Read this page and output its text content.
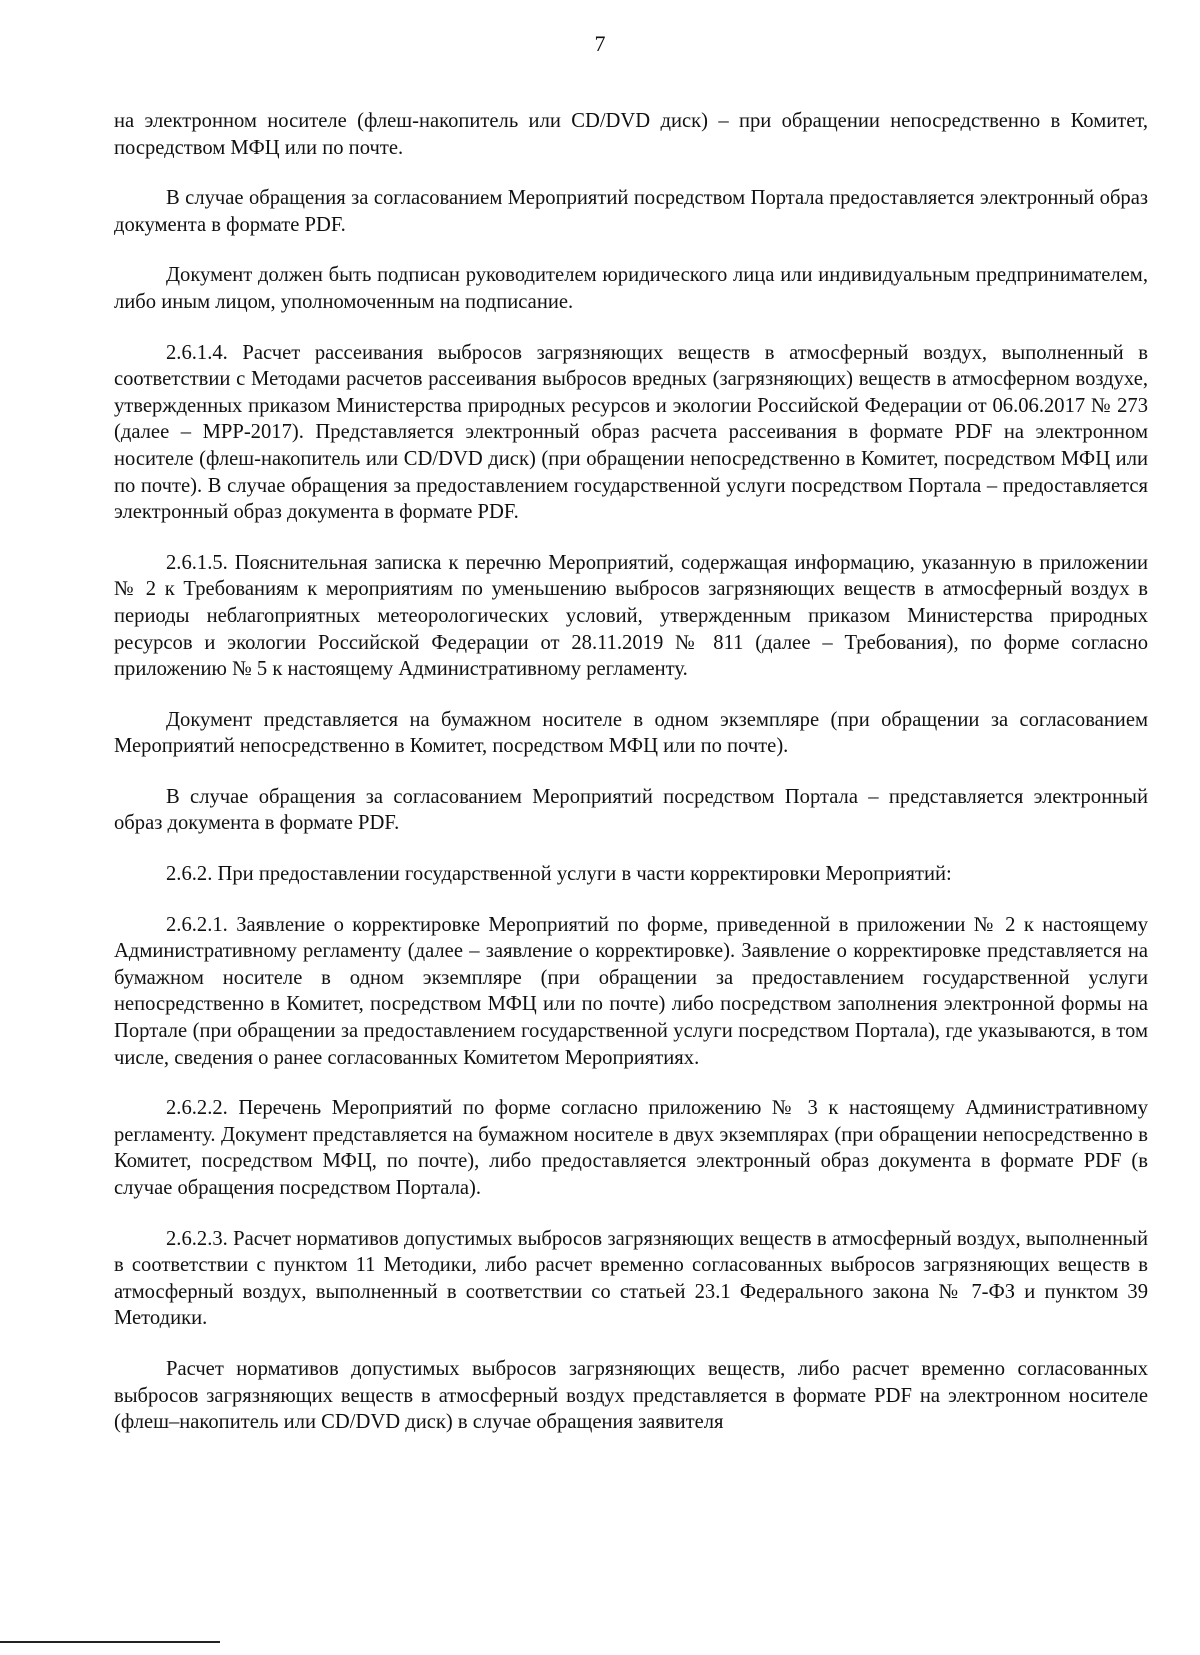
7

на электронном носителе (флеш-накопитель или CD/DVD диск) – при обращении непосредственно в Комитет, посредством МФЦ или по почте.

В случае обращения за согласованием Мероприятий посредством Портала предоставляется электронный образ документа в формате PDF.

Документ должен быть подписан руководителем юридического лица или индивидуальным предпринимателем, либо иным лицом, уполномоченным на подписание.

2.6.1.4. Расчет рассеивания выбросов загрязняющих веществ в атмосферный воздух, выполненный в соответствии с Методами расчетов рассеивания выбросов вредных (загрязняющих) веществ в атмосферном воздухе, утвержденных приказом Министерства природных ресурсов и экологии Российской Федерации от 06.06.2017 № 273 (далее – МРР-2017). Представляется электронный образ расчета рассеивания в формате PDF на электронном носителе (флеш-накопитель или CD/DVD диск) (при обращении непосредственно в Комитет, посредством МФЦ или по почте). В случае обращения за предоставлением государственной услуги посредством Портала – предоставляется электронный образ документа в формате PDF.

2.6.1.5. Пояснительная записка к перечню Мероприятий, содержащая информацию, указанную в приложении № 2 к Требованиям к мероприятиям по уменьшению выбросов загрязняющих веществ в атмосферный воздух в периоды неблагоприятных метеорологических условий, утвержденным приказом Министерства природных ресурсов и экологии Российской Федерации от 28.11.2019 № 811 (далее – Требования), по форме согласно приложению № 5 к настоящему Административному регламенту.

Документ представляется на бумажном носителе в одном экземпляре (при обращении за согласованием Мероприятий непосредственно в Комитет, посредством МФЦ или по почте).

В случае обращения за согласованием Мероприятий посредством Портала – представляется электронный образ документа в формате PDF.

2.6.2. При предоставлении государственной услуги в части корректировки Мероприятий:

2.6.2.1. Заявление о корректировке Мероприятий по форме, приведенной в приложении № 2 к настоящему Административному регламенту (далее – заявление о корректировке). Заявление о корректировке представляется на бумажном носителе в одном экземпляре (при обращении за предоставлением государственной услуги непосредственно в Комитет, посредством МФЦ или по почте) либо посредством заполнения электронной формы на Портале (при обращении за предоставлением государственной услуги посредством Портала), где указываются, в том числе, сведения о ранее согласованных Комитетом Мероприятиях.

2.6.2.2. Перечень Мероприятий по форме согласно приложению № 3 к настоящему Административному регламенту. Документ представляется на бумажном носителе в двух экземплярах (при обращении непосредственно в Комитет, посредством МФЦ, по почте), либо предоставляется электронный образ документа в формате PDF (в случае обращения посредством Портала).

2.6.2.3. Расчет нормативов допустимых выбросов загрязняющих веществ в атмосферный воздух, выполненный в соответствии с пунктом 11 Методики, либо расчет временно согласованных выбросов загрязняющих веществ в атмосферный воздух, выполненный в соответствии со статьей 23.1 Федерального закона № 7-ФЗ и пунктом 39 Методики.

Расчет нормативов допустимых выбросов загрязняющих веществ, либо расчет временно согласованных выбросов загрязняющих веществ в атмосферный воздух представляется в формате PDF на электронном носителе (флеш–накопитель или CD/DVD диск) в случае обращения заявителя
